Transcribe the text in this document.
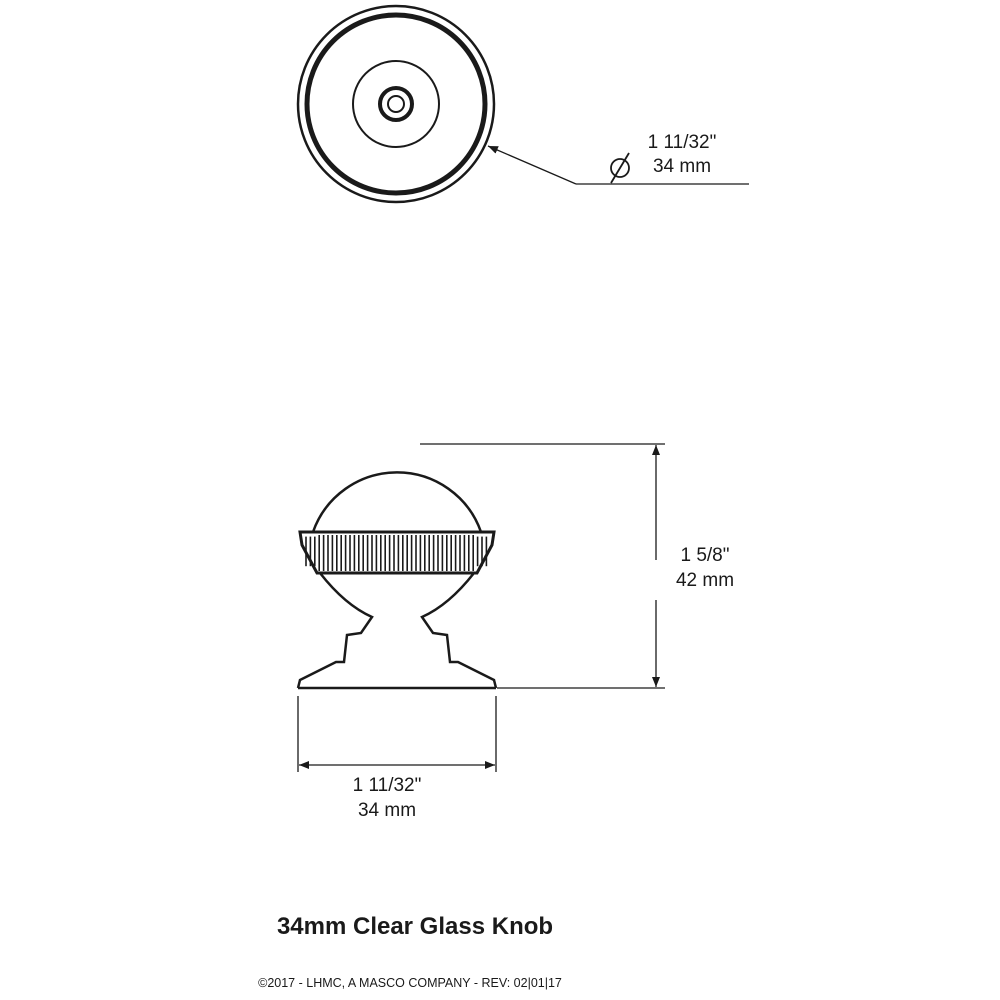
1 11/32"
34 mm
1 5/8"
42 mm
1 11/32"
34 mm
34mm Clear Glass Knob
©2017 - LHMC, A MASCO COMPANY - REV: 02|01|17
